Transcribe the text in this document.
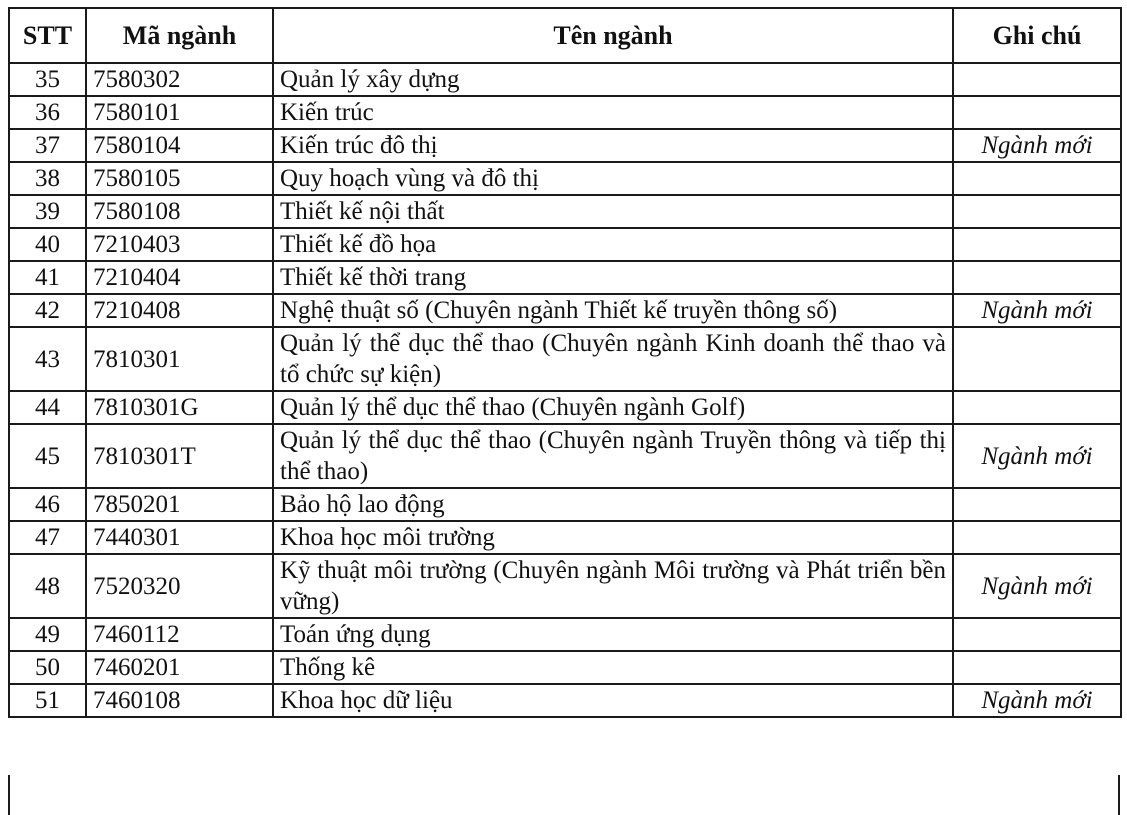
STT	Mã ngành	Tên ngành	Ghi chú
35	7580302	Quản lý xây dựng	
36	7580101	Kiến trúc	
37	7580104	Kiến trúc đô thị	Ngành mới
38	7580105	Quy hoạch vùng và đô thị	
39	7580108	Thiết kế nội thất	
40	7210403	Thiết kế đồ họa	
41	7210404	Thiết kế thời trang	
42	7210408	Nghệ thuật số (Chuyên ngành Thiết kế truyền thông số)	Ngành mới
43	7810301	Quản lý thể dục thể thao (Chuyên ngành Kinh doanh thể thao và tổ chức sự kiện)	
44	7810301G	Quản lý thể dục thể thao (Chuyên ngành Golf)	
45	7810301T	Quản lý thể dục thể thao (Chuyên ngành Truyền thông và tiếp thị thể thao)	Ngành mới
46	7850201	Bảo hộ lao động	
47	7440301	Khoa học môi trường	
48	7520320	Kỹ thuật môi trường (Chuyên ngành Môi trường và Phát triển bền vững)	Ngành mới
49	7460112	Toán ứng dụng	
50	7460201	Thống kê	
51	7460108	Khoa học dữ liệu	Ngành mới
